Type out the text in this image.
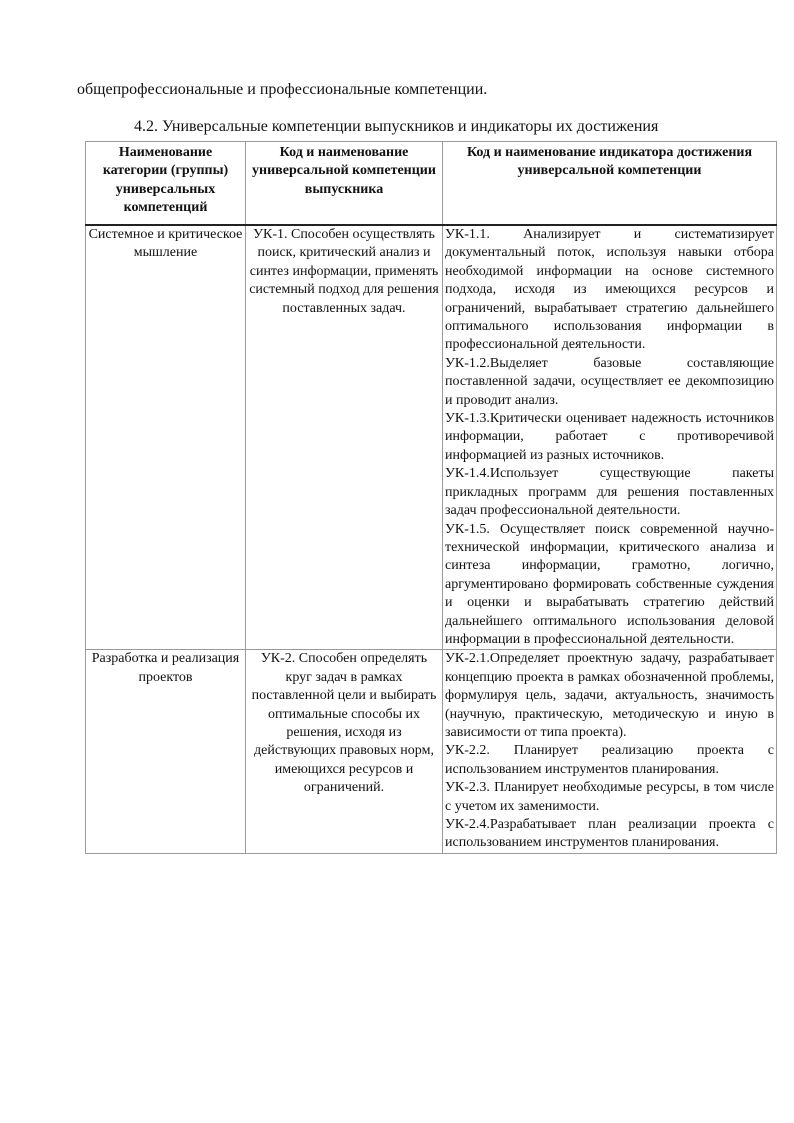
общепрофессиональные и профессиональные компетенции.

4.2. Универсальные компетенции выпускников и индикаторы их достижения

Наименование категории (группы) универсальных компетенций	Код и наименование универсальной компетенции выпускника	Код и наименование индикатора достижения универсальной компетенции
Системное и критическое мышление	УК-1. Способен осуществлять поиск, критический анализ и синтез информации, применять системный подход для решения поставленных задач.	УК-1.1. Анализирует и систематизирует документальный поток, используя навыки отбора необходимой информации на основе системного подхода, исходя из имеющихся ресурсов и ограничений, вырабатывает стратегию дальнейшего оптимального использования информации в профессиональной деятельности.
УК-1.2.Выделяет базовые составляющие поставленной задачи, осуществляет ее декомпозицию и проводит анализ.
УК-1.3.Критически оценивает надежность источников информации, работает с противоречивой информацией из разных источников.
УК-1.4.Использует существующие пакеты прикладных программ для решения поставленных задач профессиональной деятельности.
УК-1.5. Осуществляет поиск современной научно- технической информации, критического анализа и синтеза информации, грамотно, логично, аргументировано формировать собственные суждения и оценки и вырабатывать стратегию действий дальнейшего оптимального использования деловой информации в профессиональной деятельности.

Разработка и реализация проектов	УК-2. Способен определять круг задач в рамках поставленной цели и выбирать оптимальные способы их решения, исходя из действующих правовых норм, имеющихся ресурсов и ограничений.	УК-2.1.Определяет проектную задачу, разрабатывает концепцию проекта в рамках обозначенной проблемы, формулируя цель, задачи, актуальность, значимость (научную, практическую, методическую и иную в зависимости от типа проекта).
УК-2.2. Планирует реализацию проекта с использованием инструментов планирования.
УК-2.3. Планирует необходимые ресурсы, в том числе с учетом их заменимости.
УК-2.4.Разрабатывает план реализации проекта с использованием инструментов планирования.
